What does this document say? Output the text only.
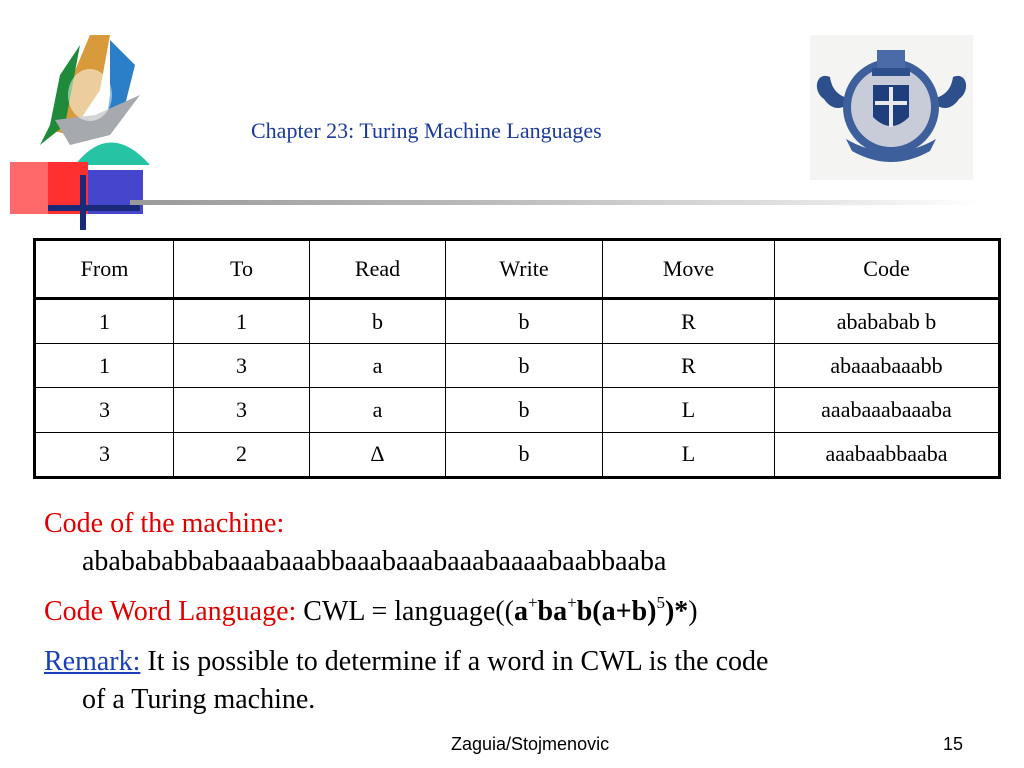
Chapter 23: Turing Machine Languages
From	To	Read	Write	Move	Code
1	1	b	b	R	abababab b
1	3	a	b	R	abaaabaaabb
3	3	a	b	L	aaabaaabaaaba
3	2	Δ	b	L	aaabaabbaaba

Code of the machine:
ababababbabaaabaaabbaaabaaabaaabaaaabaabbaaba

Code Word Language: CWL = $language((a^+ba^+b(a+b)^5)*)$

Remark: It is possible to determine if a word in CWL is the code
of a Turing machine.

Zaguia/Stojmenovic	15
